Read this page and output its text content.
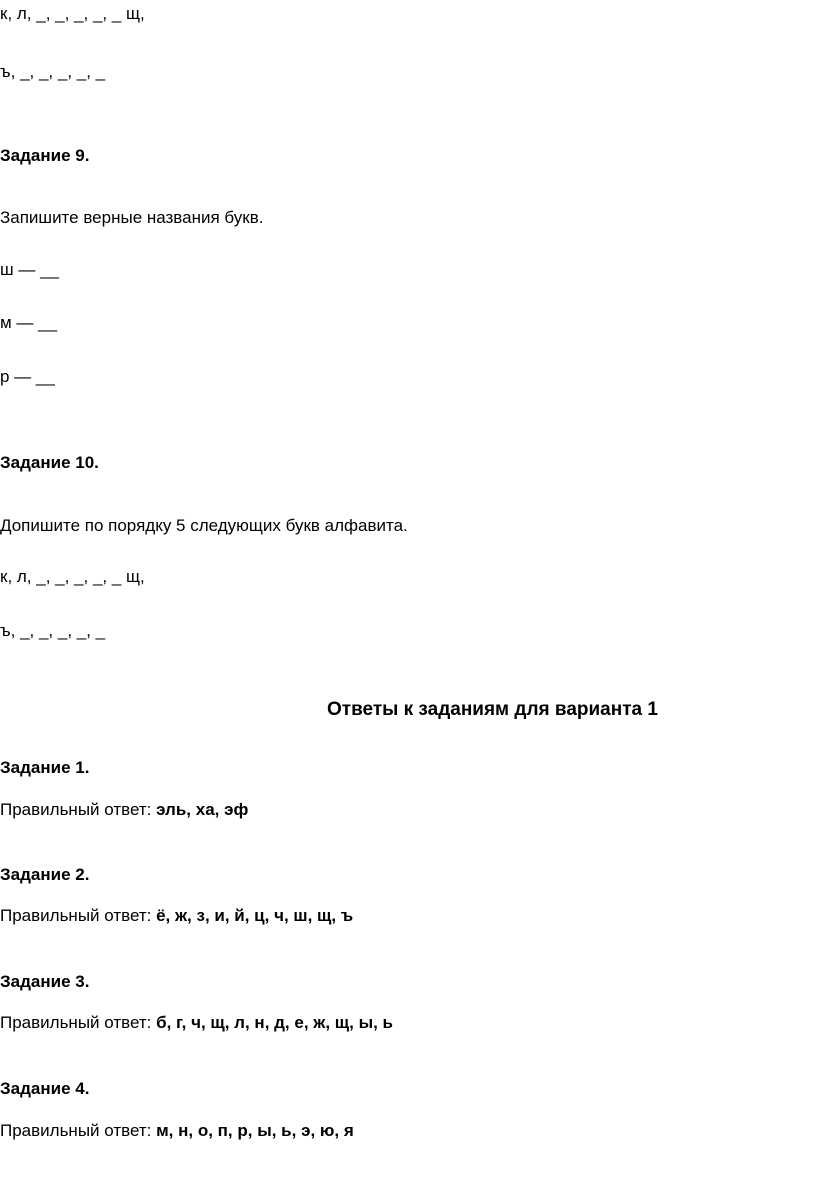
к, л, _, _, _, _, _ щ,
ъ, _, _, _, _, _
Задание 9.
Запишите верные названия букв.
ш — __
м — __
р — __
Задание 10.
Допишите по порядку 5 следующих букв алфавита.
к, л, _, _, _, _, _ щ,
ъ, _, _, _, _, _
Ответы к заданиям для варианта 1
Задание 1.
Правильный ответ: эль, ха, эф
Задание 2.
Правильный ответ: ё, ж, з, и, й, ц, ч, ш, щ, ъ
Задание 3.
Правильный ответ: б, г, ч, щ, л, н, д, е, ж, щ, ы, ь
Задание 4.
Правильный ответ: м, н, о, п, р, ы, ь, э, ю, я
